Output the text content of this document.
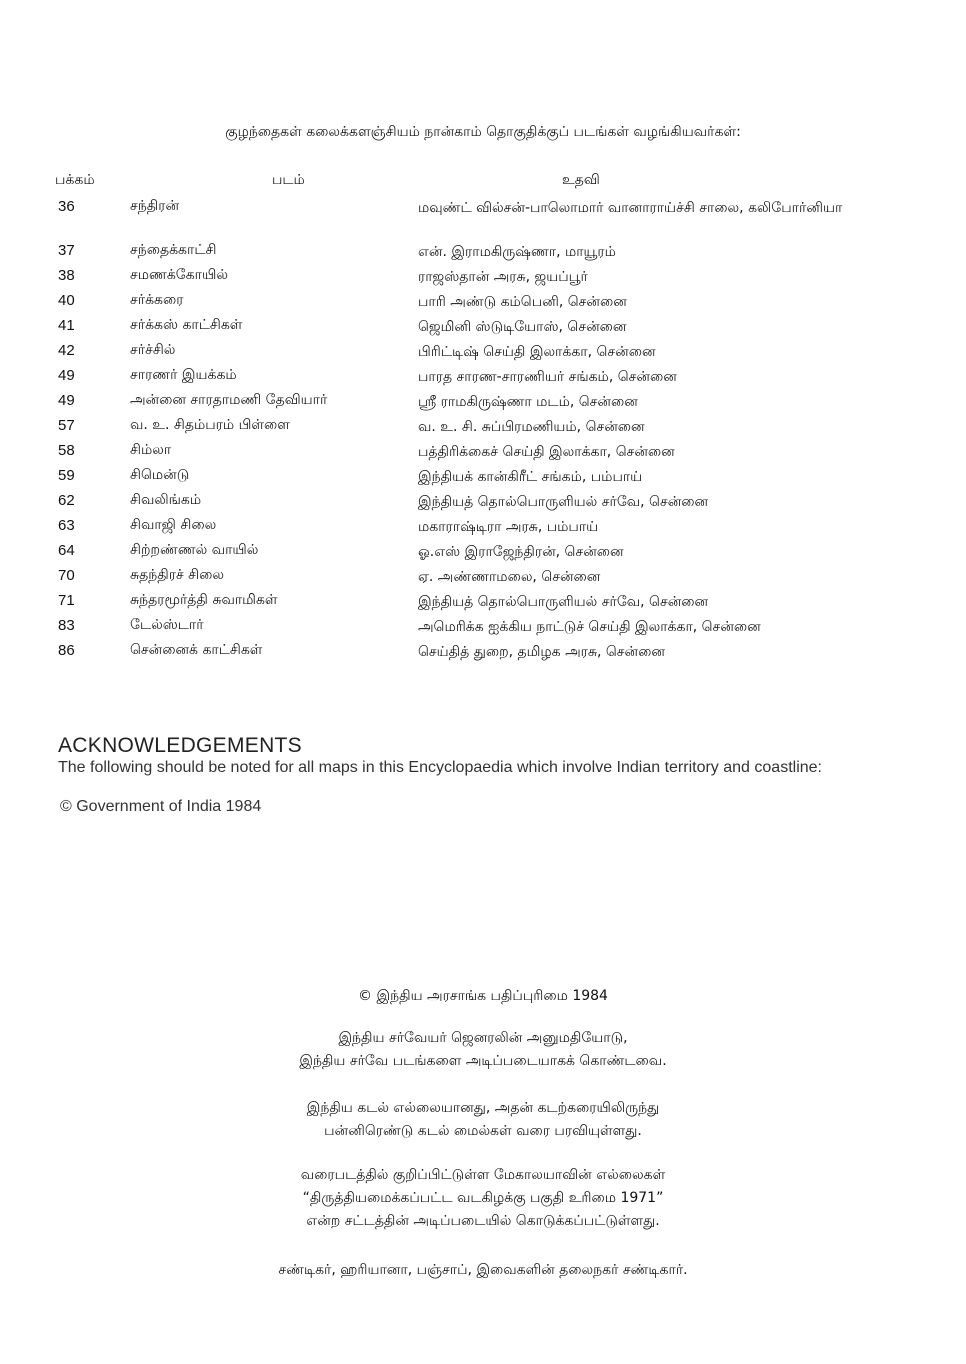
குழந்தைகள் கலைக்களஞ்சியம் நான்காம் தொகுதிக்குப் படங்கள் வழங்கியவர்கள்:
பக்கம்	படம்	உதவி
36	சந்திரன்	மவுண்ட் வில்சன்-பாலொமார் வானாராய்ச்சி சாலை, கலிபோர்னியா
37	சந்தைக்காட்சி	என். இராமகிருஷ்ணா, மாயூரம்
38	சமணக்கோயில்	ராஜஸ்தான் அரசு, ஜயப்பூர்
40	சர்க்கரை	பாரி அண்டு கம்பெனி, சென்னை
41	சர்க்கஸ் காட்சிகள்	ஜெமினி ஸ்டுடியோஸ், சென்னை
42	சர்ச்சில்	பிரிட்டிஷ் செய்தி இலாக்கா, சென்னை
49	சாரணர் இயக்கம்	பாரத சாரண-சாரணியர் சங்கம், சென்னை
49	அன்னை சாரதாமணி தேவியார்	ஸ்ரீ ராமகிருஷ்ணா மடம், சென்னை
57	வ. உ. சிதம்பரம் பிள்ளை	வ. உ. சி. சுப்பிரமணியம், சென்னை
58	சிம்லா	பத்திரிக்கைச் செய்தி இலாக்கா, சென்னை
59	சிமென்டு	இந்தியக் கான்கிரீட் சங்கம், பம்பாய்
62	சிவலிங்கம்	இந்தியத் தொல்பொருளியல் சர்வே, சென்னை
63	சிவாஜி சிலை	மகாராஷ்டிரா அரசு, பம்பாய்
64	சிற்றண்ணல் வாயில்	ஓ.எஸ் இராஜேந்திரன், சென்னை
70	சுதந்திரச் சிலை	ஏ. அண்ணாமலை, சென்னை
71	சுந்தரமூர்த்தி சுவாமிகள்	இந்தியத் தொல்பொருளியல் சர்வே, சென்னை
83	டேல்ஸ்டார்	அமெரிக்க ஐக்கிய நாட்டுச் செய்தி இலாக்கா, சென்னை
86	சென்னைக் காட்சிகள்	செய்தித் துறை, தமிழக அரசு, சென்னை
ACKNOWLEDGEMENTS
The following should be noted for all maps in this Encyclopaedia which involve Indian territory and coastline:
© Government of India 1984
© இந்திய அரசாங்க பதிப்புரிமை 1984
இந்திய சர்வேயர் ஜெனரலின் அனுமதியோடு,
இந்திய சர்வே படங்களை அடிப்படையாகக் கொண்டவை.
இந்திய கடல் எல்லையானது, அதன் கடற்கரையிலிருந்து
பன்னிரெண்டு கடல் மைல்கள் வரை பரவியுள்ளது.
வரைபடத்தில் குறிப்பிட்டுள்ள மேகாலயாவின் எல்லைகள்
“திருத்தியமைக்கப்பட்ட வடகிழக்கு பகுதி உரிமை 1971”
என்ற சட்டத்தின் அடிப்படையில் கொடுக்கப்பட்டுள்ளது.
சண்டிகர், ஹரியானா, பஞ்சாப், இவைகளின் தலைநகர் சண்டிகார்.
